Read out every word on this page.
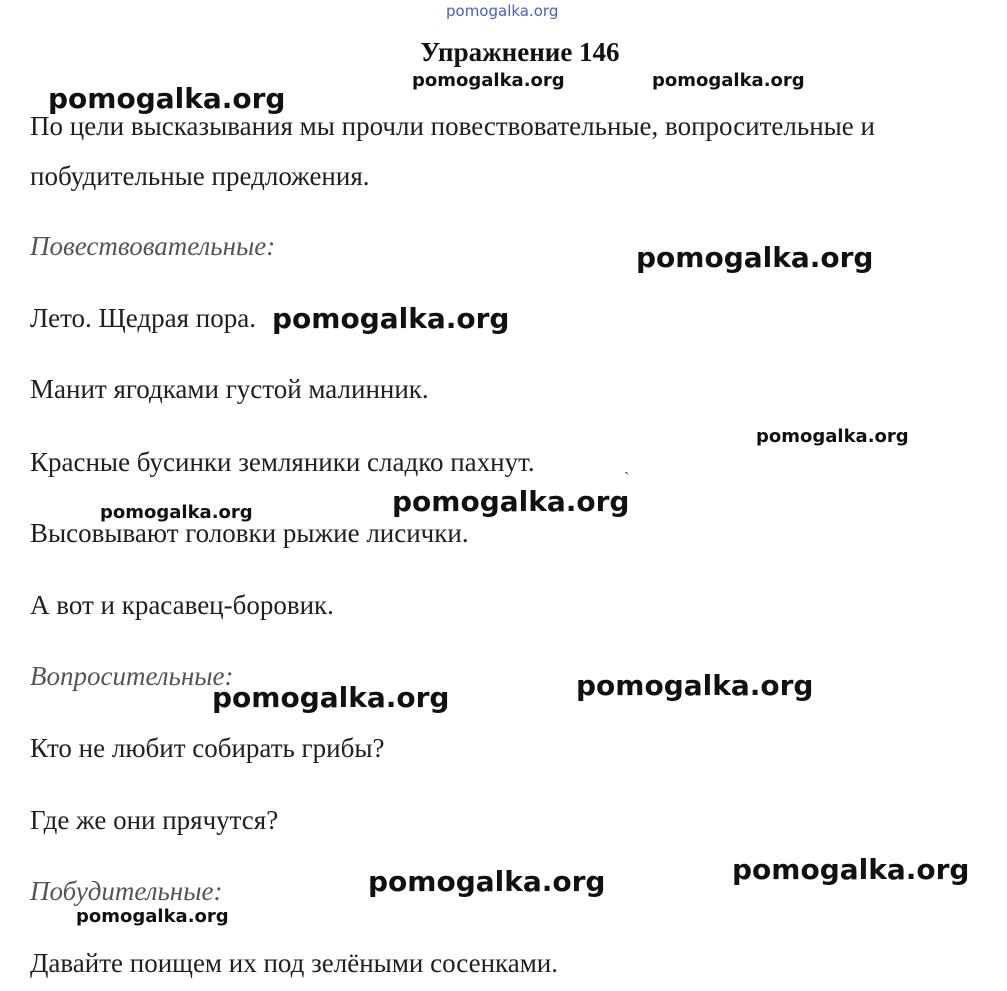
pomogalka.org
Упражнение 146
По цели высказывания мы прочли повествовательные, вопросительные и
побудительные предложения.
Повествовательные:
Лето. Щедрая пора.
Манит ягодками густой малинник.
Красные бусинки земляники сладко пахнут.
Высовывают головки рыжие лисички.
А вот и красавец-боровик.
Вопросительные:
Кто не любит собирать грибы?
Где же они прячутся?
Побудительные:
Давайте поищем их под зелёными сосенками.
pomogalka.org
pomogalka.org	pomogalka.org
pomogalka.org
pomogalka.org
pomogalka.org
pomogalka.org
pomogalka.org
pomogalka.org
pomogalka.org
pomogalka.org
pomogalka.org
pomogalka.org
ˋ
